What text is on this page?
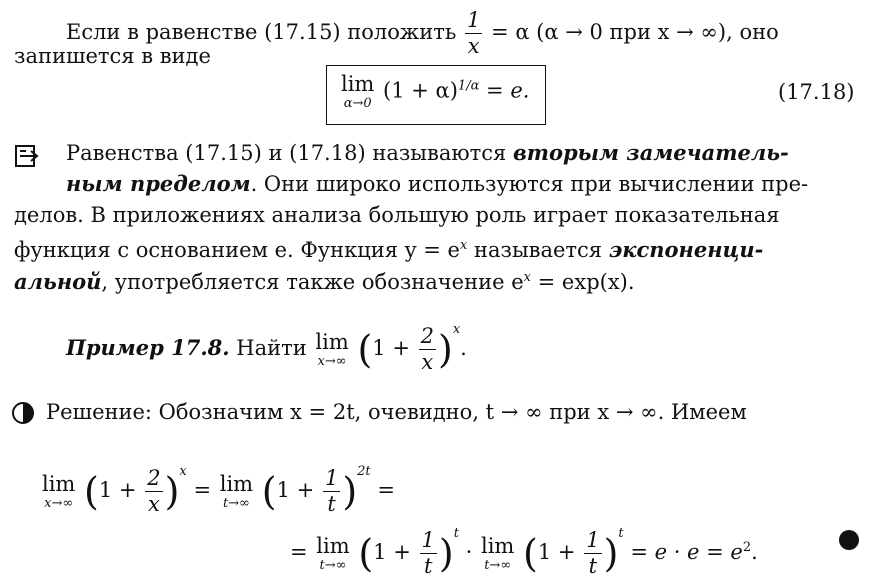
Если в равенстве (17.15) положить $\frac{1}{x} = \alpha$ (α → 0 при x → ∞), оно
запишется в виде
lim
α→0
$(1 + \alpha)^{1/\alpha} = e$.	(17.18)
Равенства (17.15) и (17.18) называются вторым замечатель-
ным пределом. Они широко используются при вычислении пре-
делов. В приложениях анализа большую роль играет показательная
функция с основанием e. Функция $y = e^x$ называется экспоненци-
альной, употребляется также обозначение $e^x = \exp(x)$.
Пример 17.8. Найти lim
x→∞ $(1 + \frac{2}{x} )^x$.
Решение: Обозначим x = 2t, очевидно, t → ∞ при x → ∞. Имеем
lim
x→∞ $(1 + \frac{2}{x} )^x = \lim$
t→∞ $(1 + \frac{1}{t} )^{2t}$ =
= lim
t→∞ $(1 + \frac{1}{t} )^t \cdot \lim$
t→∞ $(1 + \frac{1}{t} )^t = e \cdot e = e^2$.
